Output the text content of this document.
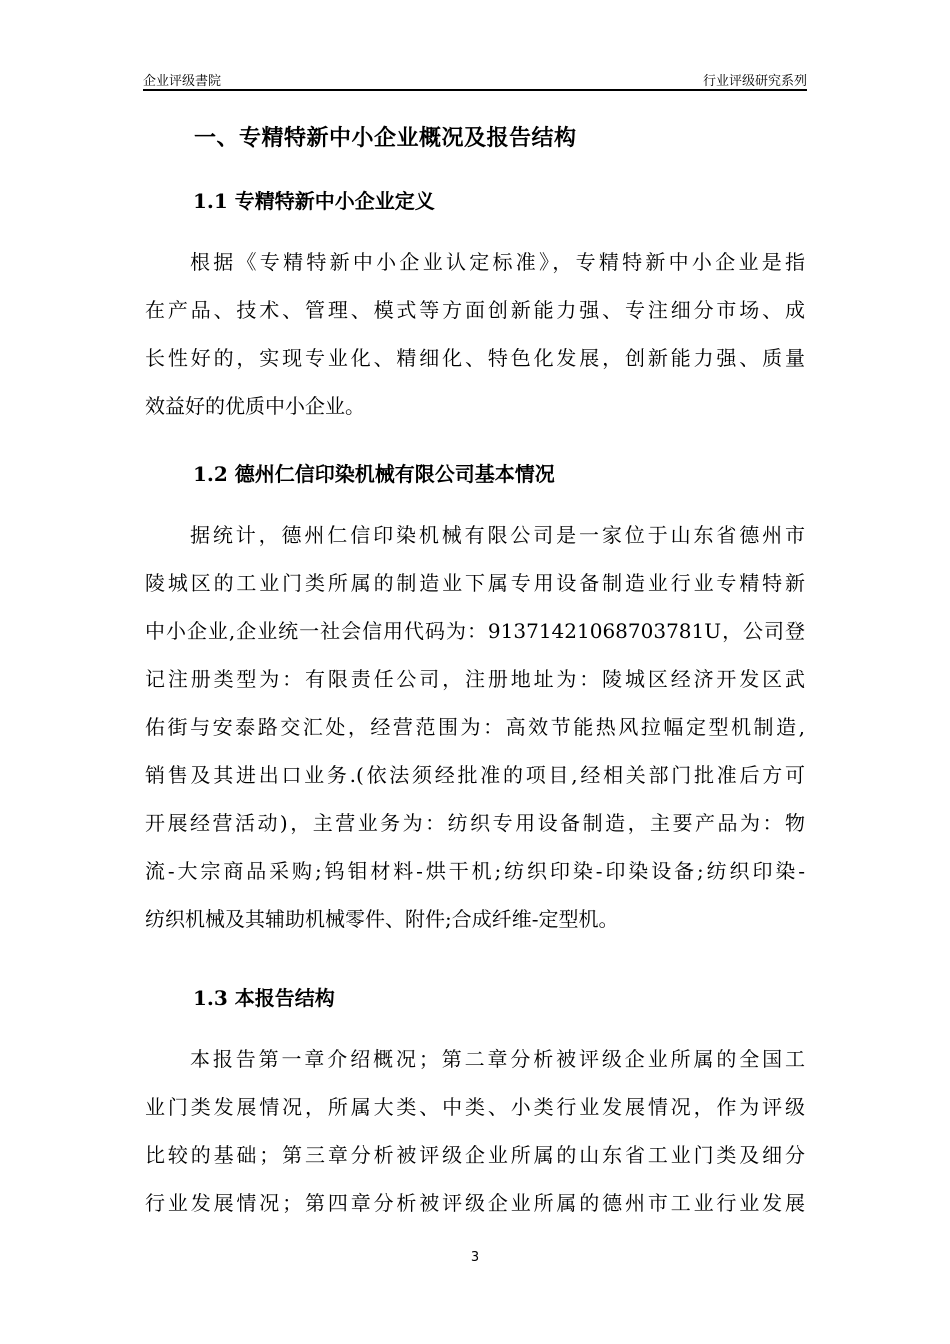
企业评级書院	行业评级研究系列
一、专精特新中小企业概况及报告结构
1.1 专精特新中小企业定义
根据《专精特新中小企业认定标准》，专精特新中小企业是指
在产品、技术、管理、模式等方面创新能力强、专注细分市场、成
长性好的，实现专业化、精细化、特色化发展，创新能力强、质量
效益好的优质中小企业。
1.2 德州仁信印染机械有限公司基本情况
据统计，德州仁信印染机械有限公司是一家位于山东省德州市
陵城区的工业门类所属的制造业下属专用设备制造业行业专精特新
中小企业,企业统一社会信用代码为：91371421068703781U，公司登
记注册类型为：有限责任公司，注册地址为：陵城区经济开发区武
佑街与安泰路交汇处，经营范围为：高效节能热风拉幅定型机制造,
销售及其进出口业务.(依法须经批准的项目,经相关部门批准后方可
开展经营活动)，主营业务为：纺织专用设备制造，主要产品为：物
流-大宗商品采购;钨钼材料-烘干机;纺织印染-印染设备;纺织印染-
纺织机械及其辅助机械零件、附件;合成纤维-定型机。
1.3 本报告结构
本报告第一章介绍概况；第二章分析被评级企业所属的全国工
业门类发展情况，所属大类、中类、小类行业发展情况，作为评级
比较的基础；第三章分析被评级企业所属的山东省工业门类及细分
行业发展情况；第四章分析被评级企业所属的德州市工业行业发展
3
